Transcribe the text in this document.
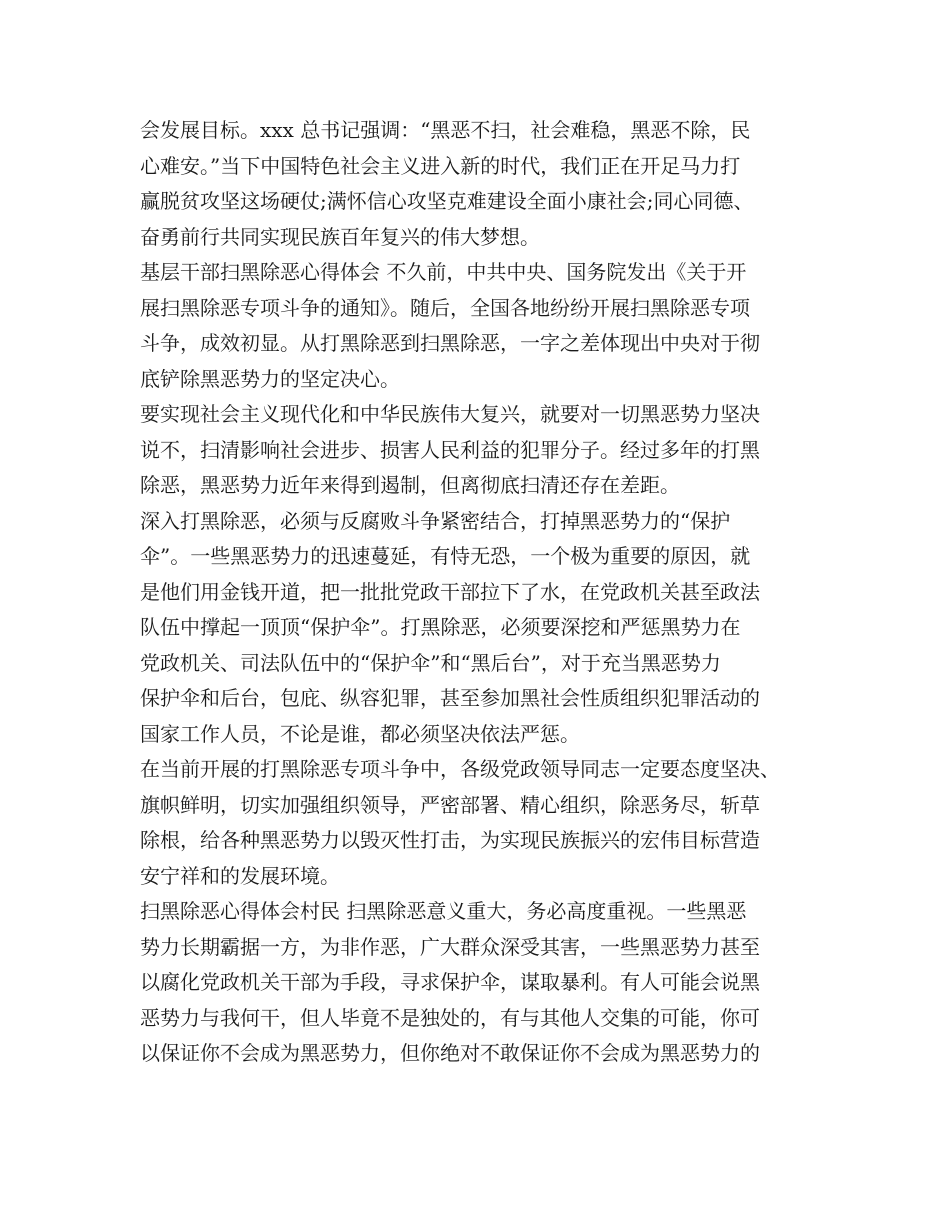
会发展目标。xxx 总书记强调：“黑恶不扫，社会难稳，黑恶不除，民
心难安。”当下中国特色社会主义进入新的时代，我们正在开足马力打
赢脱贫攻坚这场硬仗;满怀信心攻坚克难建设全面小康社会;同心同德、
奋勇前行共同实现民族百年复兴的伟大梦想。
基层干部扫黑除恶心得体会 不久前，中共中央、国务院发出《关于开
展扫黑除恶专项斗争的通知》。随后，全国各地纷纷开展扫黑除恶专项
斗争，成效初显。从打黑除恶到扫黑除恶，一字之差体现出中央对于彻
底铲除黑恶势力的坚定决心。
要实现社会主义现代化和中华民族伟大复兴，就要对一切黑恶势力坚决
说不，扫清影响社会进步、损害人民利益的犯罪分子。经过多年的打黑
除恶，黑恶势力近年来得到遏制，但离彻底扫清还存在差距。
深入打黑除恶，必须与反腐败斗争紧密结合，打掉黑恶势力的“保护
伞”。一些黑恶势力的迅速蔓延，有恃无恐，一个极为重要的原因，就
是他们用金钱开道，把一批批党政干部拉下了水，在党政机关甚至政法
队伍中撑起一顶顶“保护伞”。打黑除恶，必须要深挖和严惩黑势力在
党政机关、司法队伍中的“保护伞”和“黑后台”，对于充当黑恶势力
保护伞和后台，包庇、纵容犯罪，甚至参加黑社会性质组织犯罪活动的
国家工作人员，不论是谁，都必须坚决依法严惩。
在当前开展的打黑除恶专项斗争中，各级党政领导同志一定要态度坚决、
旗帜鲜明，切实加强组织领导，严密部署、精心组织，除恶务尽，斩草
除根，给各种黑恶势力以毁灭性打击，为实现民族振兴的宏伟目标营造
安宁祥和的发展环境。
扫黑除恶心得体会村民 扫黑除恶意义重大，务必高度重视。一些黑恶
势力长期霸据一方，为非作恶，广大群众深受其害，一些黑恶势力甚至
以腐化党政机关干部为手段，寻求保护伞，谋取暴利。有人可能会说黑
恶势力与我何干，但人毕竟不是独处的，有与其他人交集的可能，你可
以保证你不会成为黑恶势力，但你绝对不敢保证你不会成为黑恶势力的
